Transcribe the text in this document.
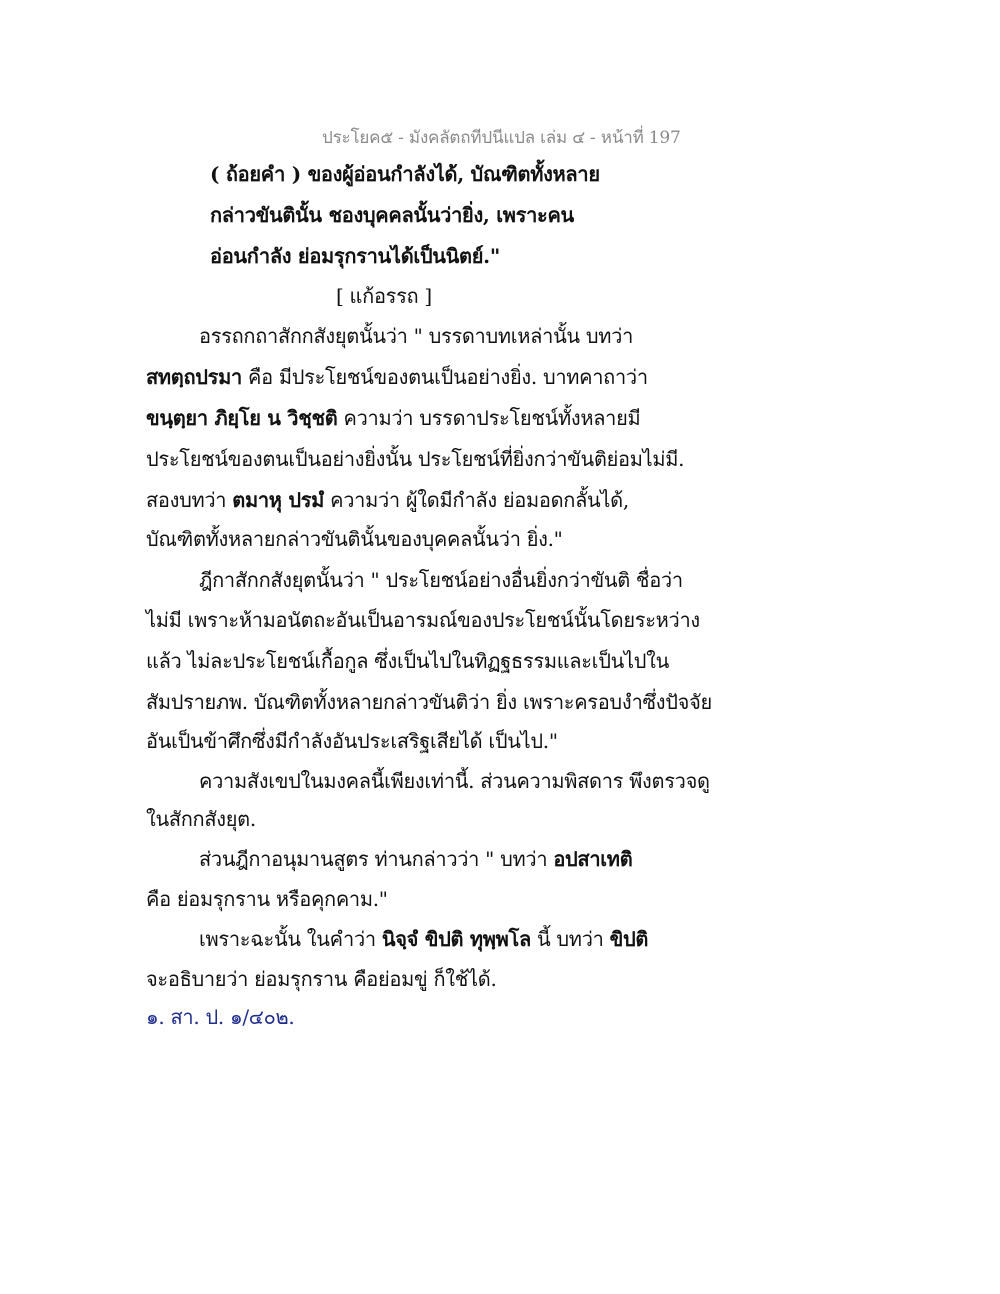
ประโยค๕ - มังคลัตถทีปนีแปล เล่ม ๔ - หน้าที่ 197
( ถ้อยคำ ) ของผู้อ่อนกำลังได้, บัณฑิตทั้งหลาย
กล่าวขันตินั้น ชองบุคคลนั้นว่ายิ่ง, เพราะคน
อ่อนกำลัง ย่อมรุกรานได้เป็นนิตย์."
[ แก้อรรถ ]
อรรถกถาสักกสังยุตนั้นว่า " บรรดาบทเหล่านั้น บทว่า
สทตฺถปรมา คือ มีประโยชน์ของตนเป็นอย่างยิ่ง. บาทคาถาว่า
ขนฺตฺยา ภิยฺโย น วิชฺชติ ความว่า บรรดาประโยชน์ทั้งหลายมี
ประโยชน์ของตนเป็นอย่างยิ่งนั้น ประโยชน์ที่ยิ่งกว่าขันติย่อมไม่มี.
สองบทว่า ตมาหุ ปรมํ ความว่า ผู้ใดมีกำลัง ย่อมอดกลั้นได้,
บัณฑิตทั้งหลายกล่าวขันตินั้นของบุคคลนั้นว่า ยิ่ง."
ฎีกาสักกสังยุตนั้นว่า " ประโยชน์อย่างอื่นยิ่งกว่าขันติ ชื่อว่า
ไม่มี เพราะห้ามอนัตถะอันเป็นอารมณ์ของประโยชน์นั้นโดยระหว่าง
แล้ว ไม่ละประโยชน์เกื้อกูล ซึ่งเป็นไปในทิฏฐธรรมและเป็นไปใน
สัมปรายภพ. บัณฑิตทั้งหลายกล่าวขันติว่า ยิ่ง เพราะครอบงำซึ่งปัจจัย
อันเป็นข้าศึกซึ่งมีกำลังอันประเสริฐเสียได้ เป็นไป."
ความสังเขปในมงคลนี้เพียงเท่านี้. ส่วนความพิสดาร พึงตรวจดู
ในสักกสังยุต.
ส่วนฎีกาอนุมานสูตร ท่านกล่าวว่า " บทว่า อปสาเทติ
คือ ย่อมรุกราน หรือคุกคาม."
เพราะฉะนั้น ในคำว่า นิจฺจํ ขิปติ ทุพฺพโล นี้ บทว่า ขิปติ
จะอธิบายว่า ย่อมรุกราน คือย่อมขู่ ก็ใช้ได้.
๑. สา. ป. ๑/๔๐๒.
